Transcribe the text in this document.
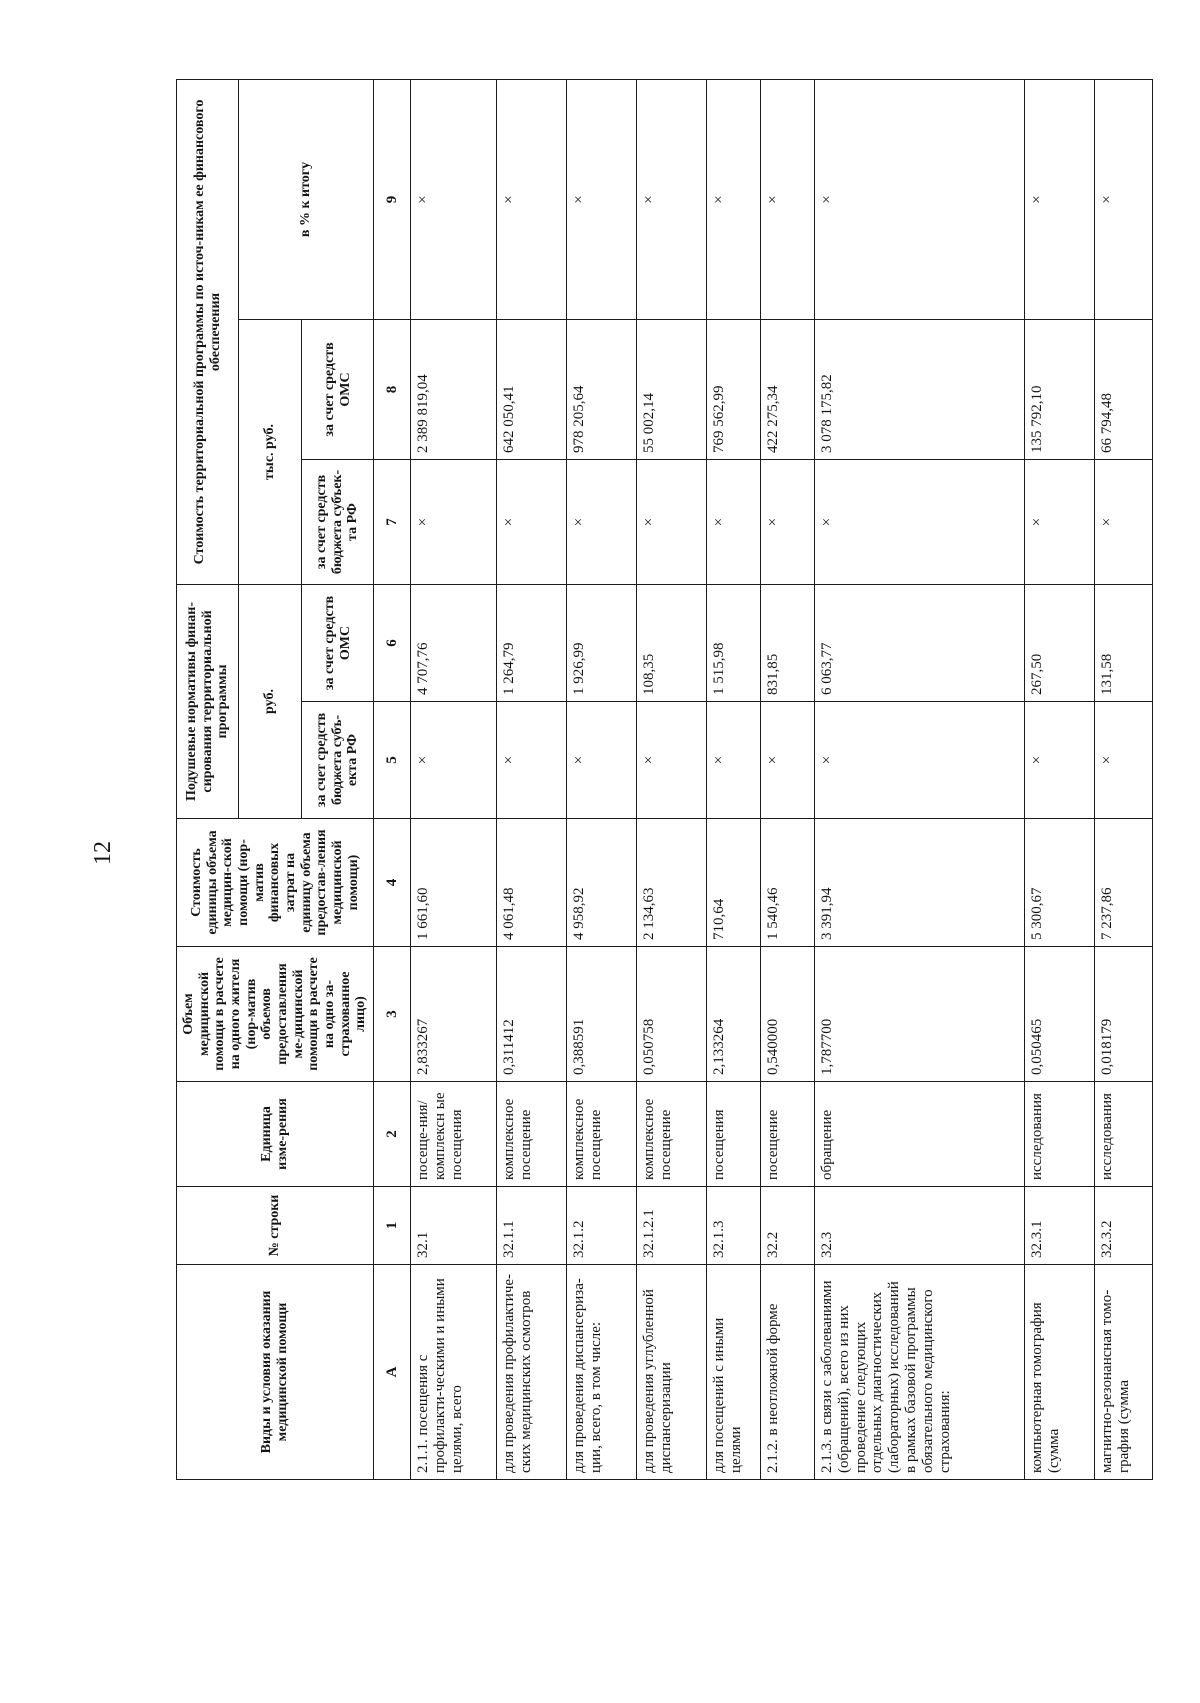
12
Виды и условия оказания медицинской помощи	№ строки	Единица изме-рения	Объем медицинской помощи в расчете на одного жителя (нор-матив объемов предоставления ме-дицинской помощи в расчете на одно за-страхованное лицо)	Стоимость единицы объема медицин-ской помощи (нор-матив финансовых затрат на единицу объема предостав-ления медицинской помощи)	Подушевые нормативы финан-сирования территориальной программы		Стоимость территориальной программы по источ-никам ее финансового обеспечения		
					руб.		тыс. руб.		в % к итогу
					за счет средств бюджета субъ-екта РФ	за счет средств ОМС	за счет средств бюджета субъек-та РФ	за счет средств ОМС	
А	1	2	3	4	5	6	7	8	9
2.1.1. посещения с профилакти-ческими и иными целями, всего	32.1	посеще-ния/комплексн ые посещения	2,833267	1 661,60	×	4 707,76	×	2 389 819,04	×
для проведения профилактиче-ских медицинских осмотров	32.1.1	комплексное посещение	0,311412	4 061,48	×	1 264,79	×	642 050,41	×
для проведения диспансериза-ции, всего, в том числе:	32.1.2	комплексное посещение	0,388591	4 958,92	×	1 926,99	×	978 205,64	×
для проведения углубленной диспансеризации	32.1.2.1	комплексное посещение	0,050758	2 134,63	×	108,35	×	55 002,14	×
для посещений с иными целями	32.1.3	посещения	2,133264	710,64	×	1 515,98	×	769 562,99	×
2.1.2. в неотложной форме	32.2	посещение	0,540000	1 540,46	×	831,85	×	422 275,34	×
2.1.3. в связи с заболеваниями (обращений), всего из них проведение следующих отдельных диагностических (лабораторных) исследований в рамках базовой программы обязательного медицинского страхования:	32.3	обращение	1,787700	3 391,94	×	6 063,77	×	3 078 175,82	×
компьютерная томография (сумма	32.3.1	исследования	0,050465	5 300,67	×	267,50	×	135 792,10	×
магнитно-резонансная томо-графия (сумма	32.3.2	исследования	0,018179	7 237,86	×	131,58	×	66 794,48	×
